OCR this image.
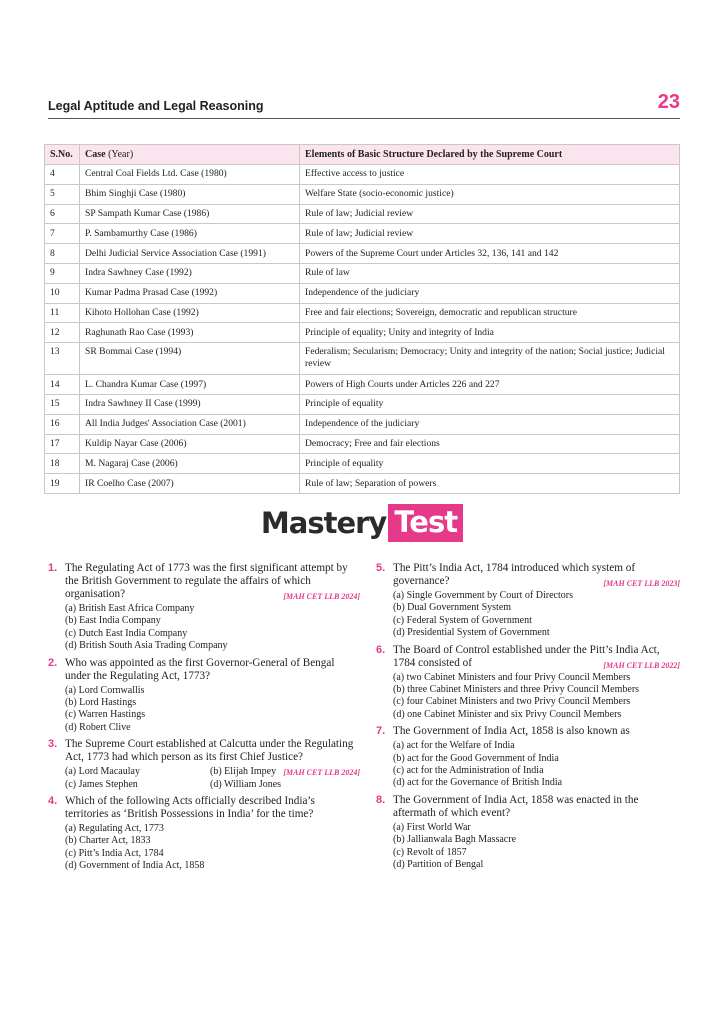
Legal Aptitude and Legal Reasoning	23
S.No.	Case (Year)	Elements of Basic Structure Declared by the Supreme Court
4	Central Coal Fields Ltd. Case (1980)	Effective access to justice
5	Bhim Singhji Case (1980)	Welfare State (socio-economic justice)
6	SP Sampath Kumar Case (1986)	Rule of law; Judicial review
7	P. Sambamurthy Case (1986)	Rule of law; Judicial review
8	Delhi Judicial Service Association Case (1991)	Powers of the Supreme Court under Articles 32, 136, 141 and 142
9	Indra Sawhney Case (1992)	Rule of law
10	Kumar Padma Prasad Case (1992)	Independence of the judiciary
11	Kihoto Hollohan Case (1992)	Free and fair elections; Sovereign, democratic and republican structure
12	Raghunath Rao Case (1993)	Principle of equality; Unity and integrity of India
13	SR Bommai Case (1994)	Federalism; Secularism; Democracy; Unity and integrity of the nation; Social justice; Judicial review
14	L. Chandra Kumar Case (1997)	Powers of High Courts under Articles 226 and 227
15	Indra Sawhney II Case (1999)	Principle of equality
16	All India Judges' Association Case (2001)	Independence of the judiciary
17	Kuldip Nayar Case (2006)	Democracy; Free and fair elections
18	M. Nagaraj Case (2006)	Principle of equality
19	IR Coelho Case (2007)	Rule of law; Separation of powers
Mastery Test
1. The Regulating Act of 1773 was the first significant attempt by the British Government to regulate the affairs of which organisation?	[MAH CET LLB 2024]
(a) British East Africa Company
(b) East India Company
(c) Dutch East India Company
(d) British South Asia Trading Company
2. Who was appointed as the first Governor-General of Bengal under the Regulating Act, 1773?
(a) Lord Cornwallis
(b) Lord Hastings
(c) Warren Hastings
(d) Robert Clive
3. The Supreme Court established at Calcutta under the Regulating Act, 1773 had which person as its first Chief Justice?
[MAH CET LLB 2024]
(a) Lord Macaulay	(b) Elijah Impey
(c) James Stephen	(d) William Jones
4. Which of the following Acts officially described India’s territories as ‘British Possessions in India’ for the time?
(a) Regulating Act, 1773
(b) Charter Act, 1833
(c) Pitt’s India Act, 1784
(d) Government of India Act, 1858
5. The Pitt’s India Act, 1784 introduced which system of governance?	[MAH CET LLB 2023]
(a) Single Government by Court of Directors
(b) Dual Government System
(c) Federal System of Government
(d) Presidential System of Government
6. The Board of Control established under the Pitt’s India Act, 1784 consisted of	[MAH CET LLB 2022]
(a) two Cabinet Ministers and four Privy Council Members
(b) three Cabinet Ministers and three Privy Council Members
(c) four Cabinet Ministers and two Privy Council Members
(d) one Cabinet Minister and six Privy Council Members
7. The Government of India Act, 1858 is also known as
(a) act for the Welfare of India
(b) act for the Good Government of India
(c) act for the Administration of India
(d) act for the Governance of British India
8. The Government of India Act, 1858 was enacted in the aftermath of which event?
(a) First World War
(b) Jallianwala Bagh Massacre
(c) Revolt of 1857
(d) Partition of Bengal
